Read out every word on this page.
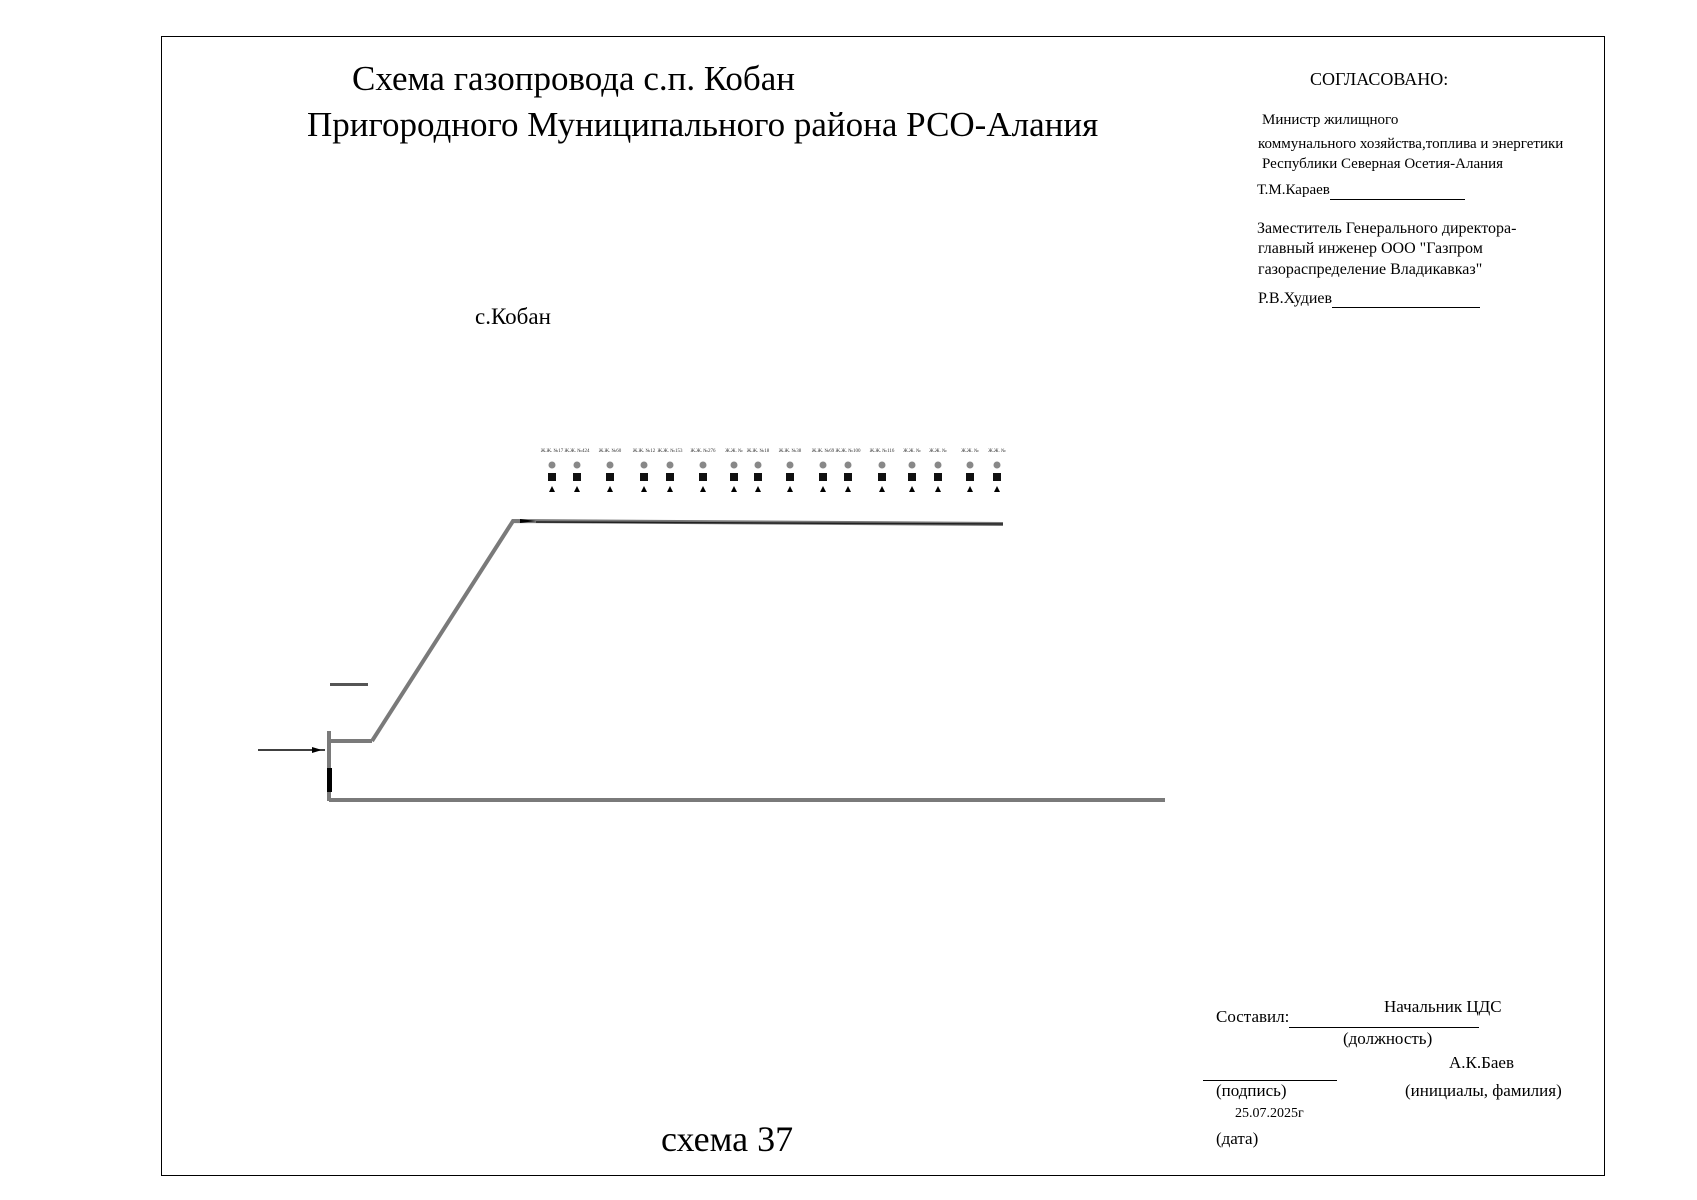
Схема газопровода с.п. Кобан
Пригородного Муниципального района РСО-Алания
СОГЛАСОВАНО:
Министр жилищного
коммунального хозяйства,топлива и энергетики
Республики Северная Осетия-Алания
Т.М.Караев
Заместитель Генерального директора-
главный инженер ООО "Газпром
газораспределение Владикавказ"
Р.В.Худиев
с.Кобан
Ж.Ж. №17 Ж.Ж. №424 Ж.Ж. №60 Ж.Ж. №12 Ж.Ж. №153 Ж.Ж. №276 Ж.Ж. № Ж.Ж. №18 Ж.Ж. №38 Ж.Ж. №69 Ж.Ж. №100 Ж.Ж. №116 Ж.Ж. № Ж.Ж. №	Ж.Ж. № Ж.Ж. №
Составил:
Начальник ЦДС
(должность)
А.К.Баев
(подпись)	(инициалы, фамилия)
25.07.2025г
(дата)
схема 37
